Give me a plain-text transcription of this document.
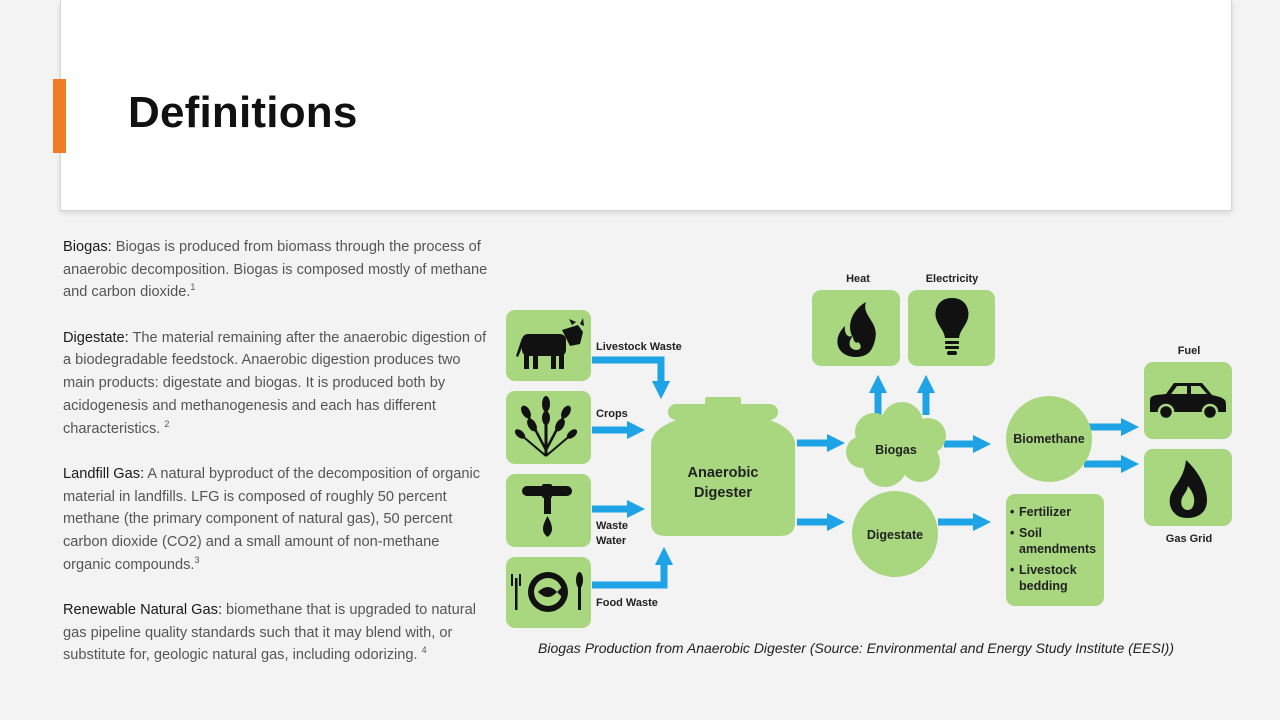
Definitions

Biogas : Biogas is produced from biomass through the process of anaerobic decomposition. Biogas is composed mostly of methane and carbon dioxide.$^1$

Digestate : The material remaining after the anaerobic digestion of a biodegradable feedstock. Anaerobic digestion produces two main products: digestate and biogas. It is produced both by acidogenesis and methanogenesis and each has different characteristics. $^2$

Landfill Gas : A natural byproduct of the decomposition of organic material in landfills. LFG is composed of roughly 50 percent methane (the primary component of natural gas), 50 percent carbon dioxide (CO2) and a small amount of non-methane organic compounds.$^3$

Renewable Natural Gas : biomethane that is upgraded to natural gas pipeline quality standards such that it may blend with, or substitute for, geologic natural gas, including odorizing. $^4$

Anaerobic
Digester
Biogas
Digestate
Heat	Electricity
Biomethane
• Fertilizer
• Soil
amendments
• Livestock
bedding
Fuel
Gas Grid
Livestock Waste
Crops
Waste
Water
Food Waste

Biogas Production from Anaerobic Digester (Source: Environmental and Energy Study Institute (EESI))
